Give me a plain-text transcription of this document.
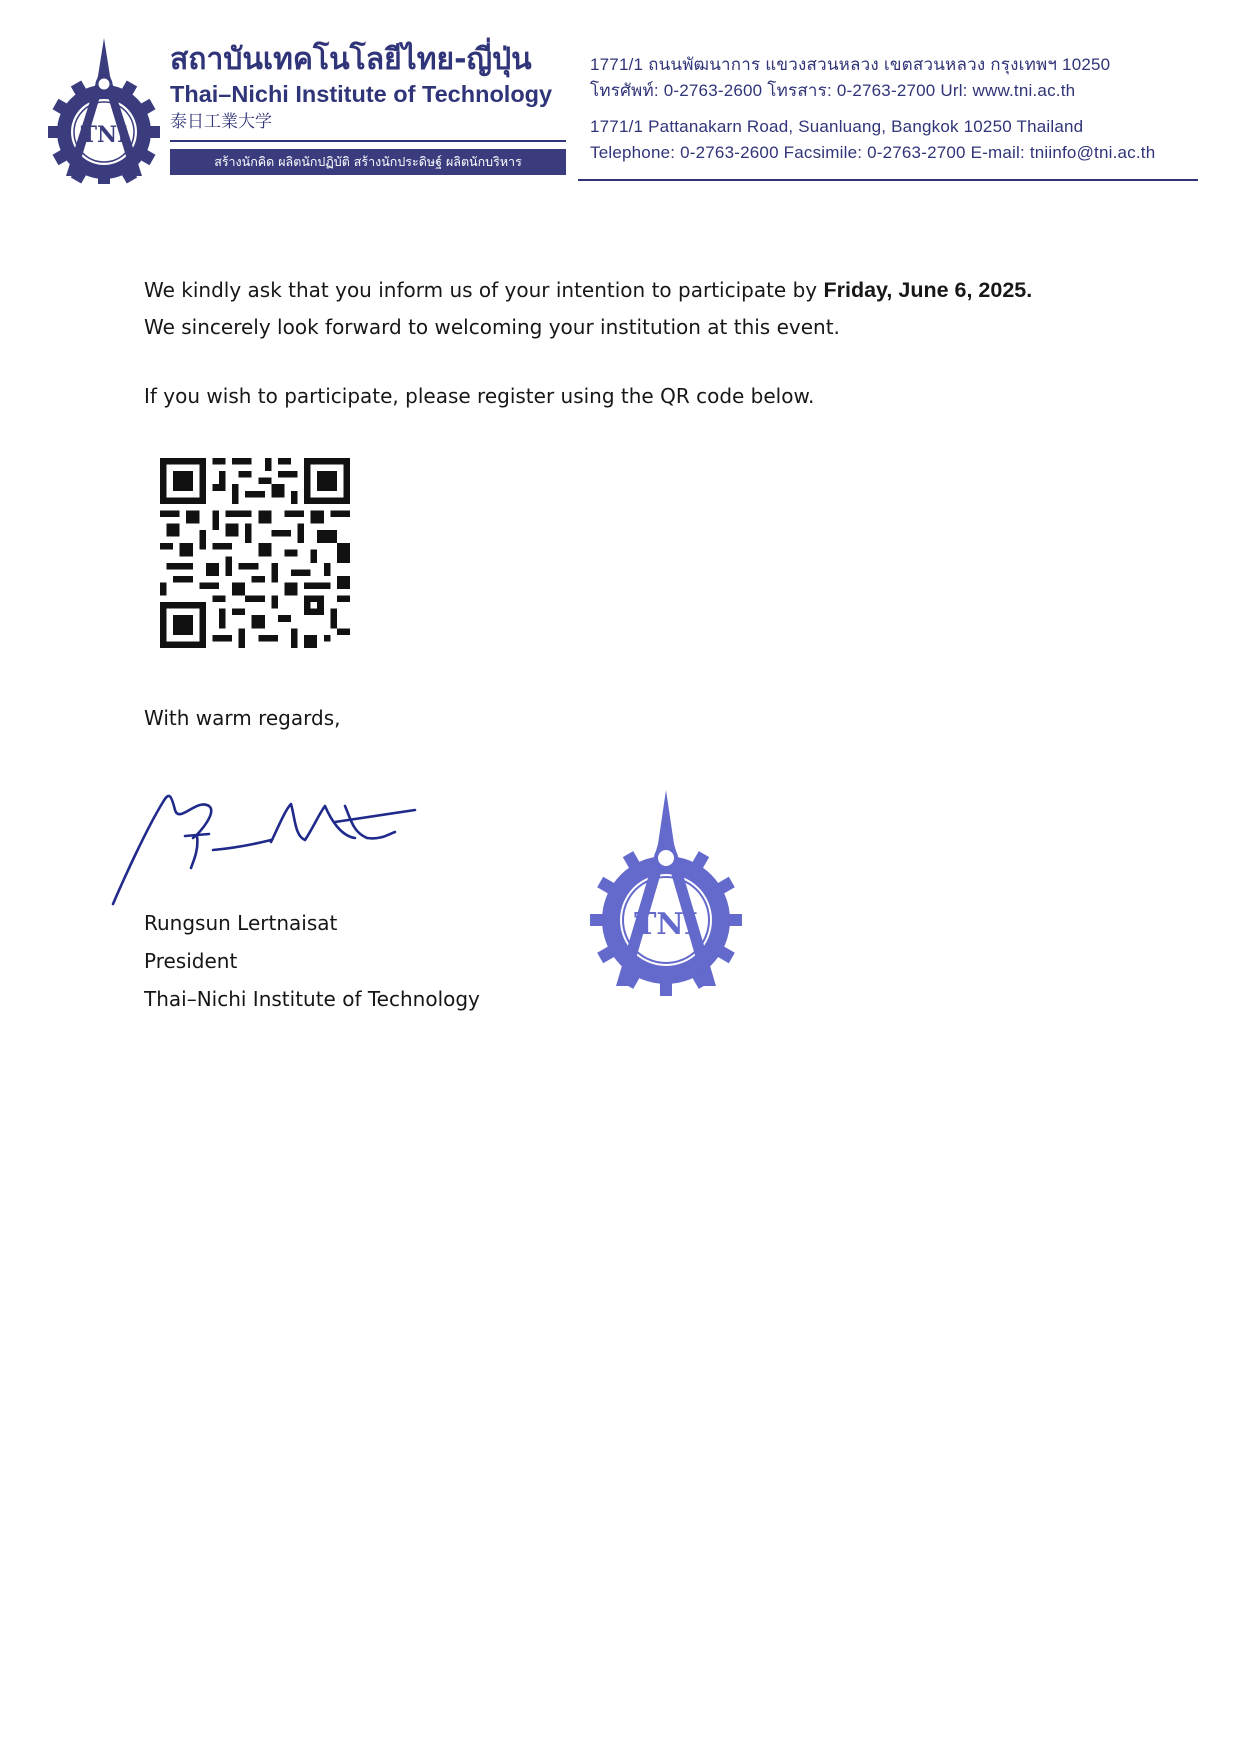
TNI
สถาบันเทคโนโลยีไทย-ญี่ปุ่น
Thai–Nichi Institute of Technology
泰日工業大学
สร้างนักคิด ผลิตนักปฏิบัติ สร้างนักประดิษฐ์ ผลิตนักบริหาร
1771/1 ถนนพัฒนาการ แขวงสวนหลวง เขตสวนหลวง กรุงเทพฯ 10250
โทรศัพท์: 0-2763-2600 โทรสาร: 0-2763-2700 Url: www.tni.ac.th
1771/1 Pattanakarn Road, Suanluang, Bangkok 10250 Thailand
Telephone: 0-2763-2600 Facsimile: 0-2763-2700 E-mail: tniinfo@tni.ac.th
We kindly ask that you inform us of your intention to participate by Friday, June 6, 2025.
We sincerely look forward to welcoming your institution at this event.
If you wish to participate, please register using the QR code below.
With warm regards,
Rungsun Lertnaisat
President
Thai–Nichi Institute of Technology
TNI
